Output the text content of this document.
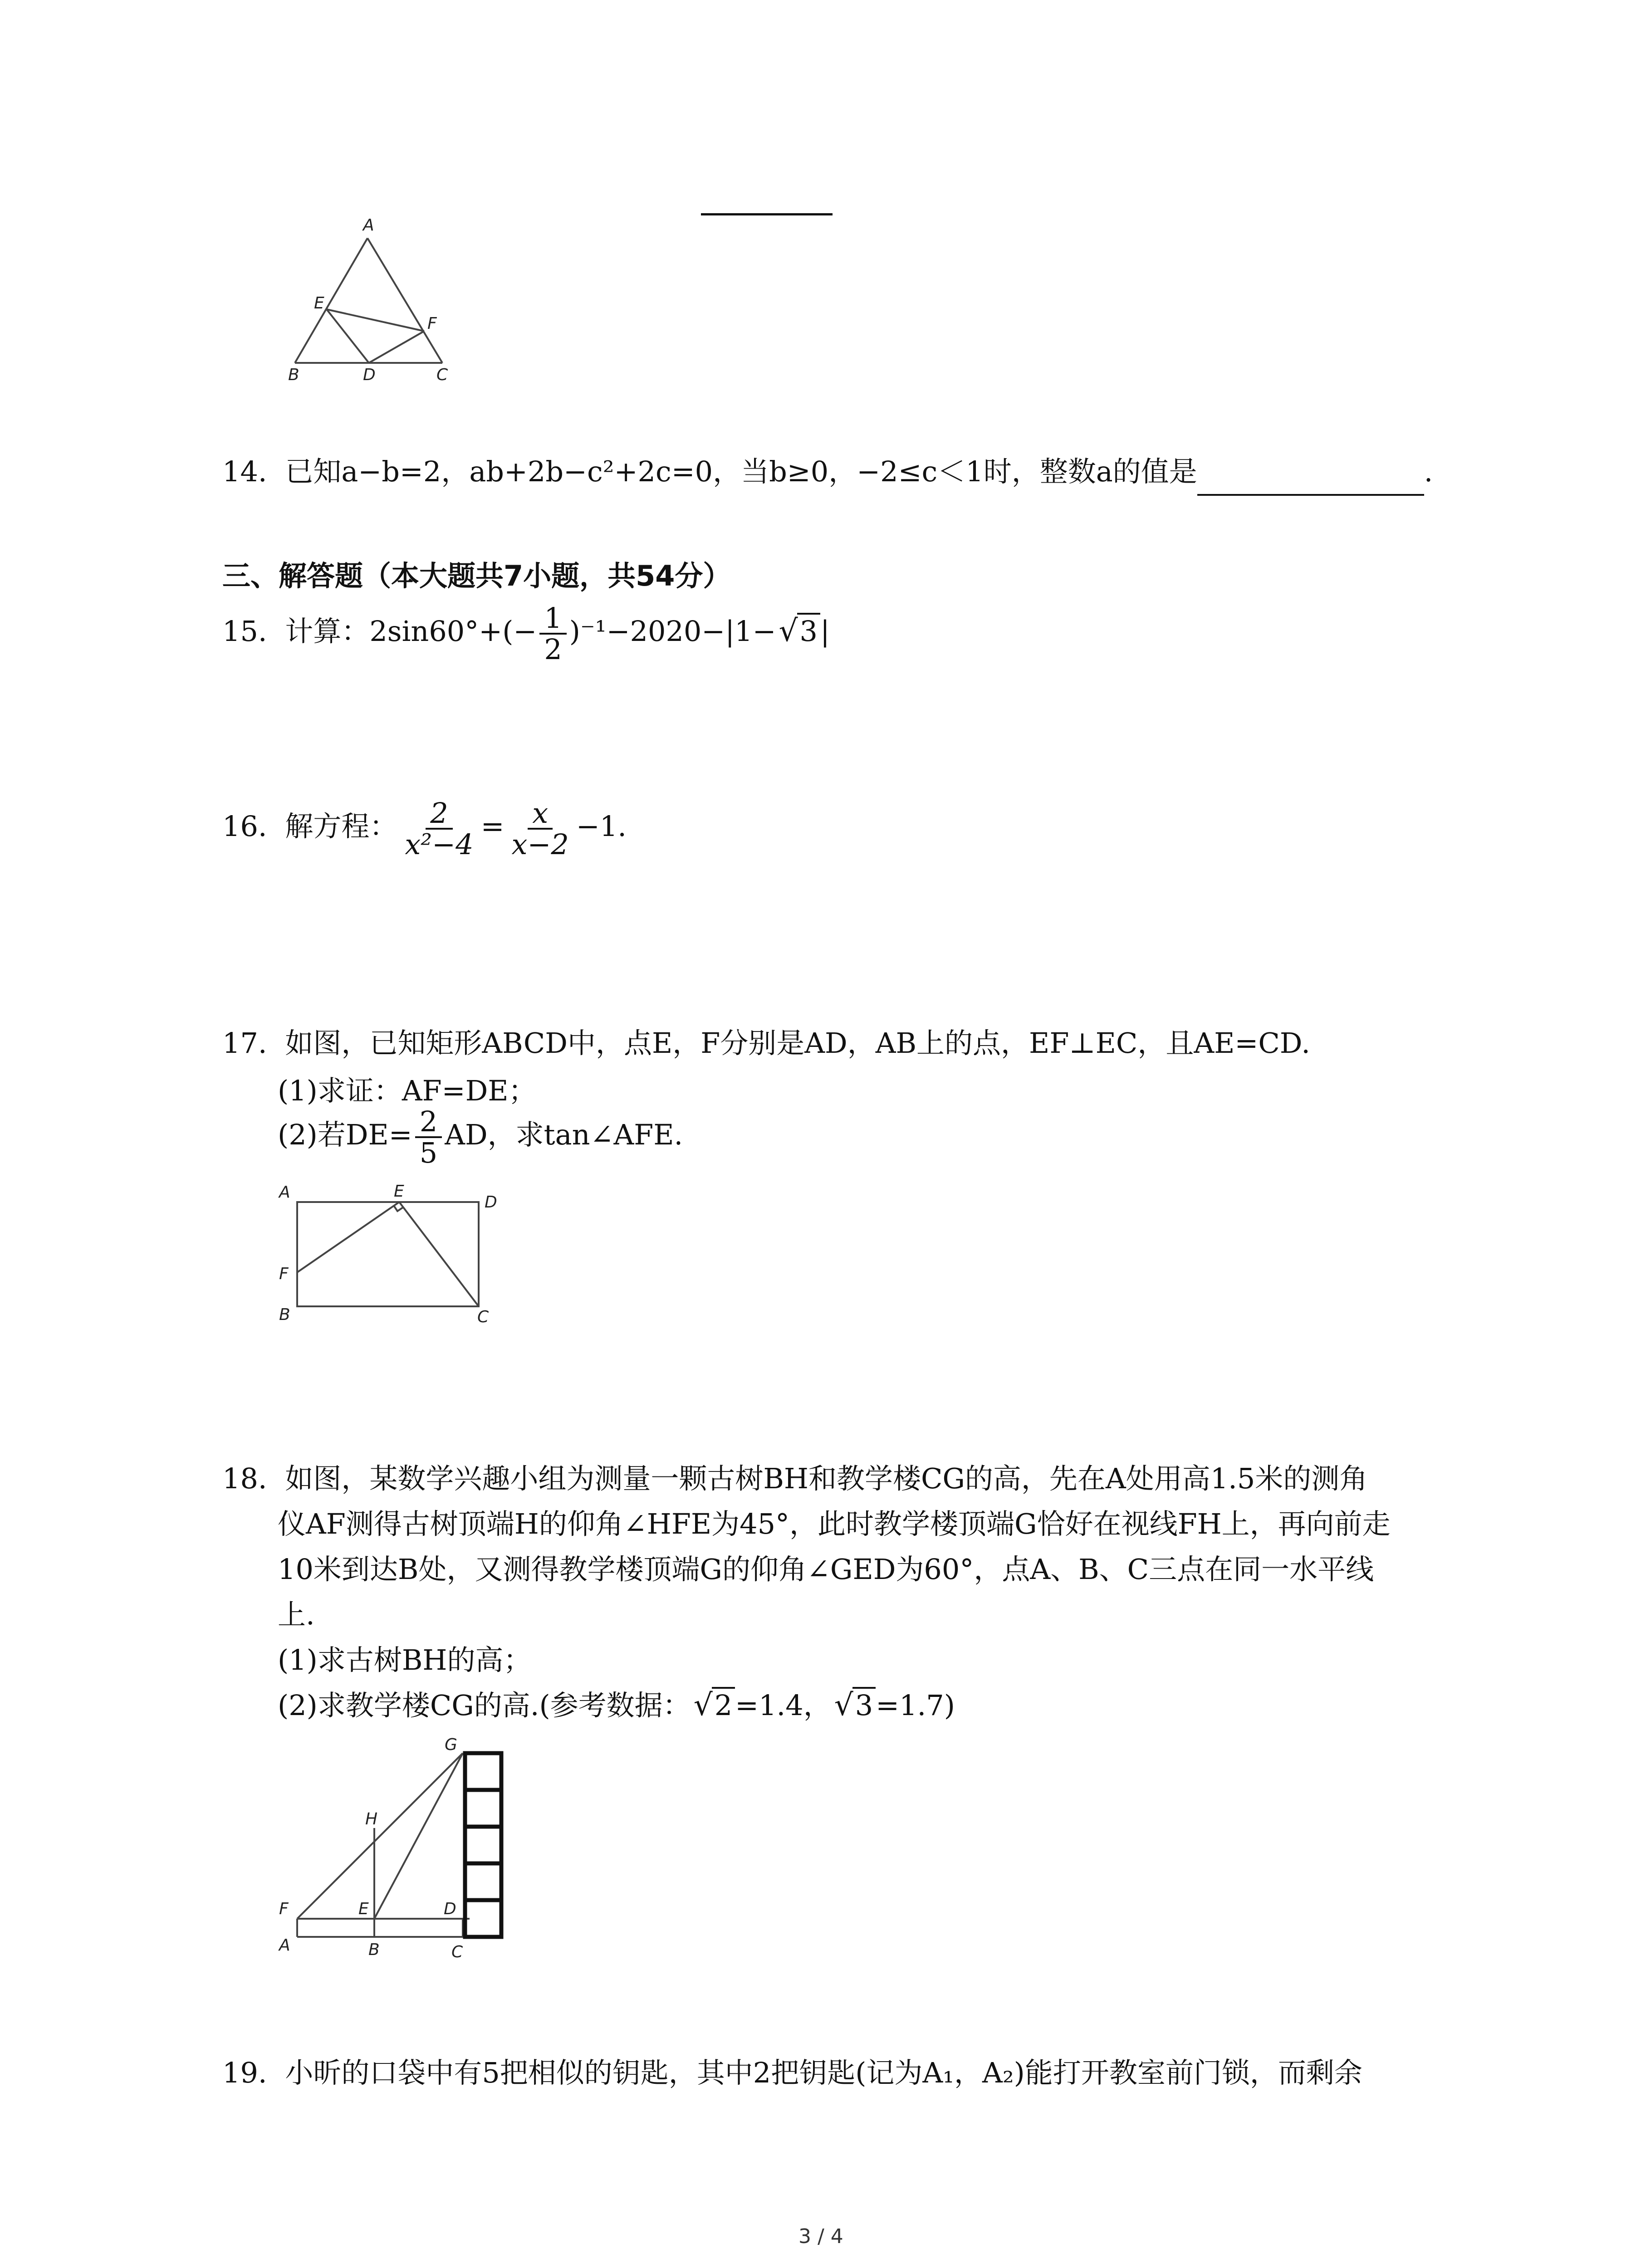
A
E
F
B	D	C
14. 已知a−b=2，ab+2b−c²+2c=0，当b≥0，−2≤c＜1时，整数a的值是	.
三、解答题（本大题共7小题，共54分）
15. 计算：$2\sin 60^\circ+(- \frac{1}{2} )^{-1}-2020-|1-$ √ 3|
16. 解方程： $\frac{2}{\text{x²−4}} = \frac{x}{x-2} -1$.
17. 如图，已知矩形ABCD中，点E，F分别是AD，AB上的点，EF⊥EC，且AE=CD.
(1)求证：AF=DE；
(2)若$DE= \frac{2}{5}$ AD，求tan∠AFE.
A	E
D
F
B	C
18. 如图，某数学兴趣小组为测量一颗古树BH和教学楼CG的高，先在A处用高1.5米的测角
仪AF测得古树顶端H的仰角∠HFE为45°，此时教学楼顶端G恰好在视线FH上，再向前走
10米到达B处，又测得教学楼顶端G的仰角∠GED为60°，点A、B、C三点在同一水平线
上.
(1)求古树BH的高；
(2)求教学楼CG的高.(参考数据： √ 2=1.4， √ 3=1.7)
G
H
F	E	D
A	B	C
19. 小昕的口袋中有5把相似的钥匙，其中2把钥匙(记为A₁，A₂)能打开教室前门锁，而剩余
3 / 4
